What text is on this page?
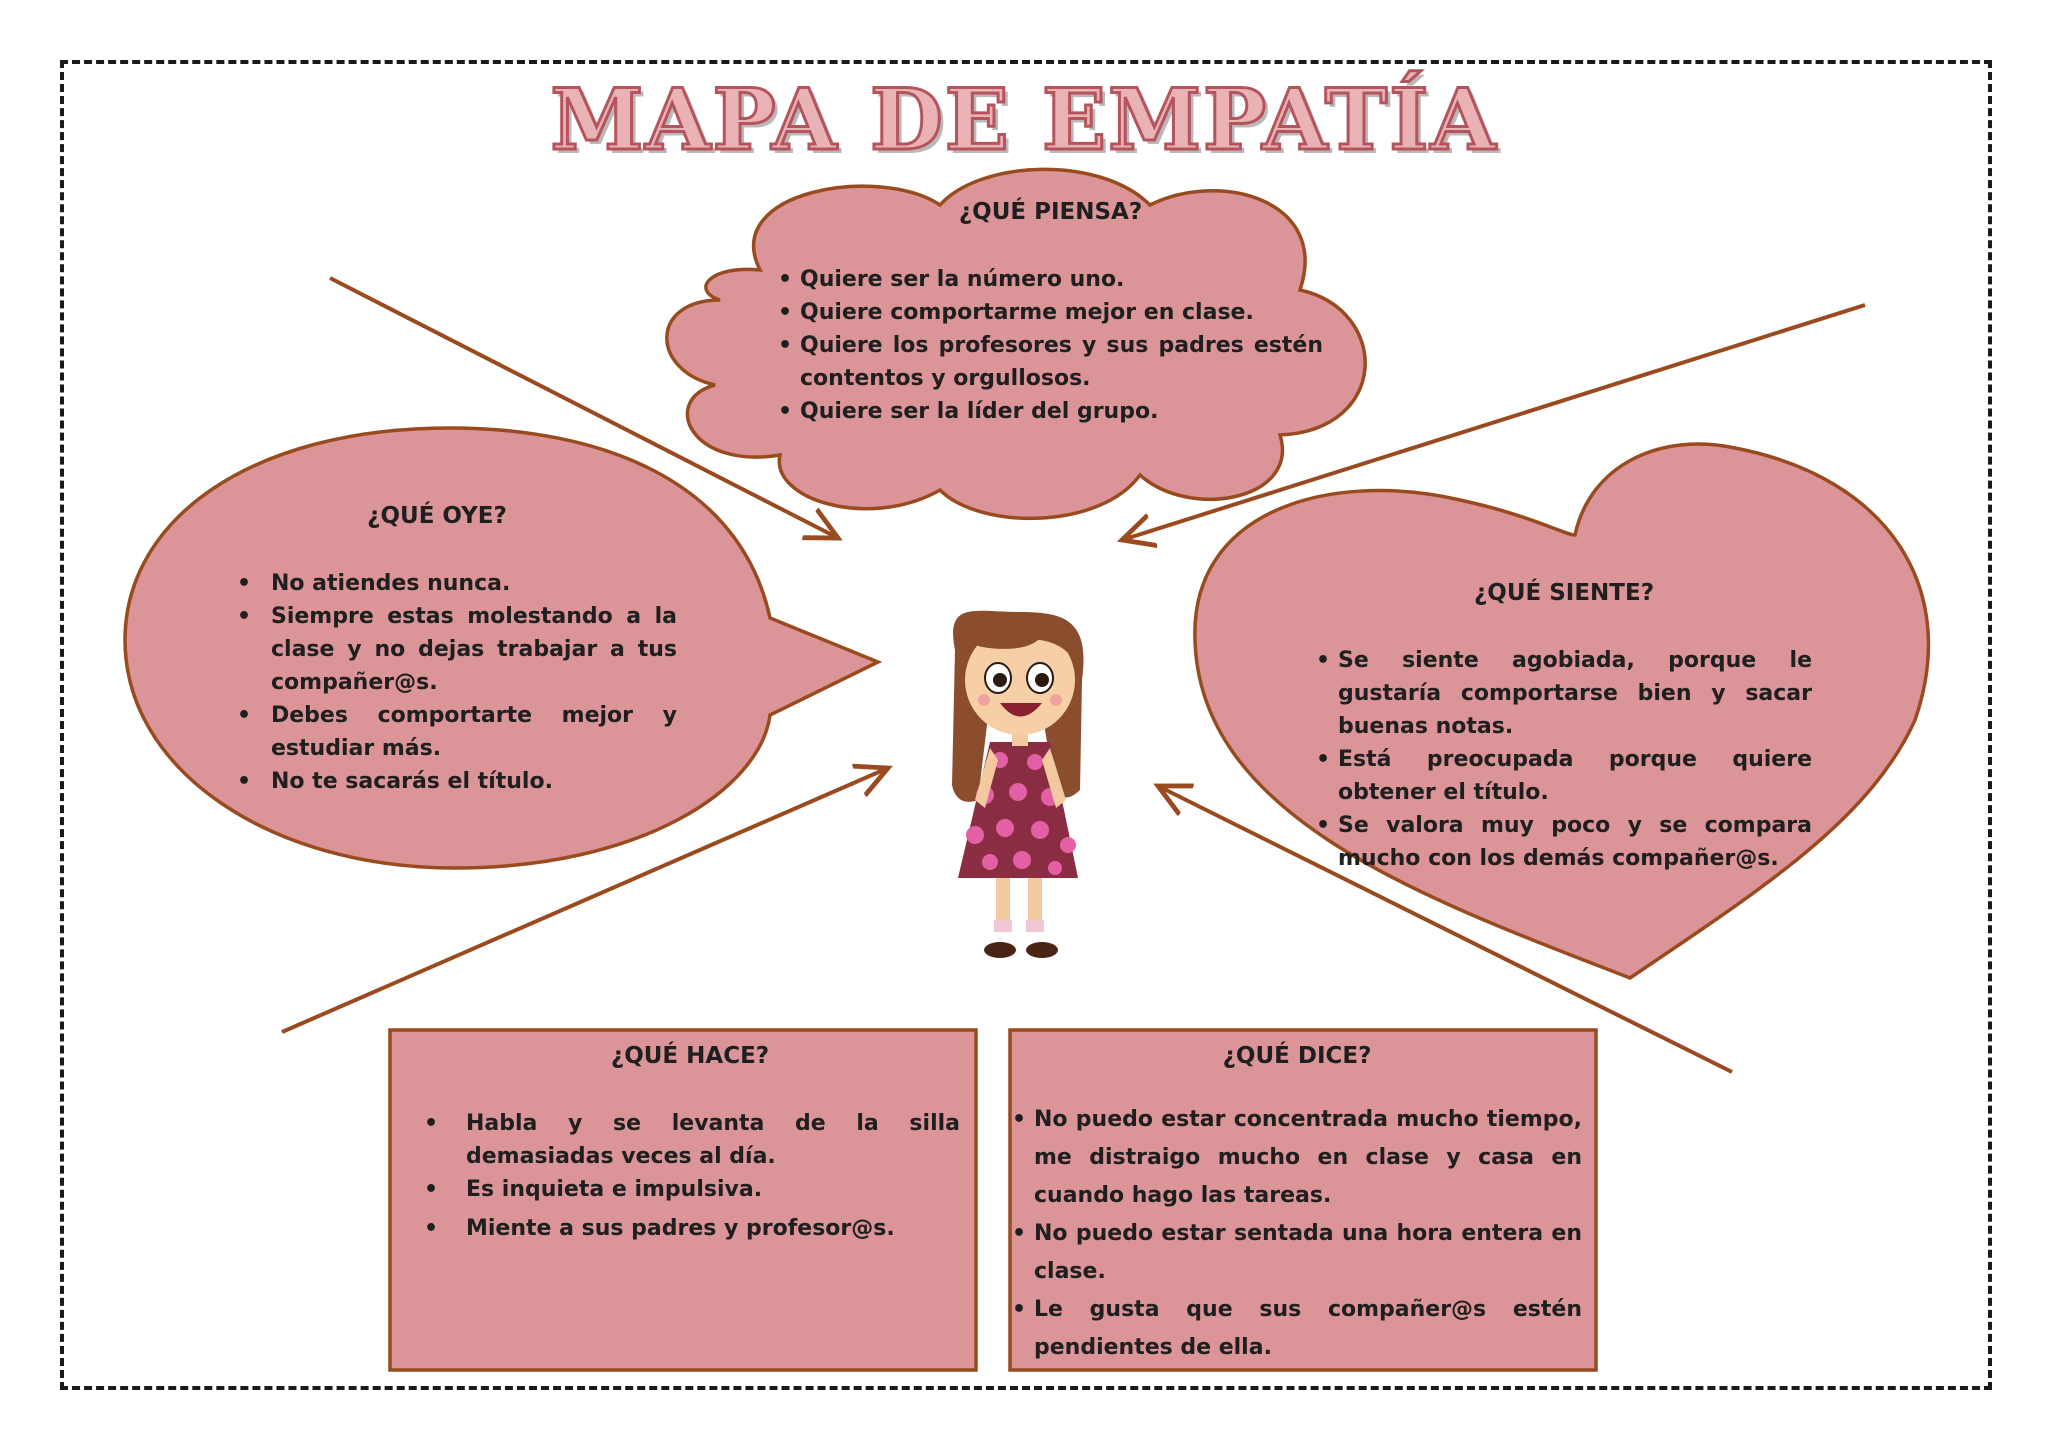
MAPA DE EMPATÍA
¿QUÉ PIENSA?
• Quiere ser la número uno.
• Quiere comportarme mejor en clase.
• Quiere los profesores y sus padres estén contentos y orgullosos.
• Quiere ser la líder del grupo.
¿QUÉ OYE?
• No atiendes nunca.
• Siempre estas molestando a la clase y no dejas trabajar a tus compañer@s.
• Debes comportarte mejor y estudiar más.
• No te sacarás el título.
¿QUÉ SIENTE?
• Se siente agobiada, porque le gustaría comportarse bien y sacar buenas notas.
• Está preocupada porque quiere obtener el título.
• Se valora muy poco y se compara mucho con los demás compañer@s.
¿QUÉ HACE?
• Habla y se levanta de la silla demasiadas veces al día.
• Es inquieta e impulsiva.
• Miente a sus padres y profesor@s.
¿QUÉ DICE?
• No puedo estar concentrada mucho tiempo, me distraigo mucho en clase y casa en cuando hago las tareas.
• No puedo estar sentada una hora entera en clase.
• Le gusta que sus compañer@s estén pendientes de ella.
